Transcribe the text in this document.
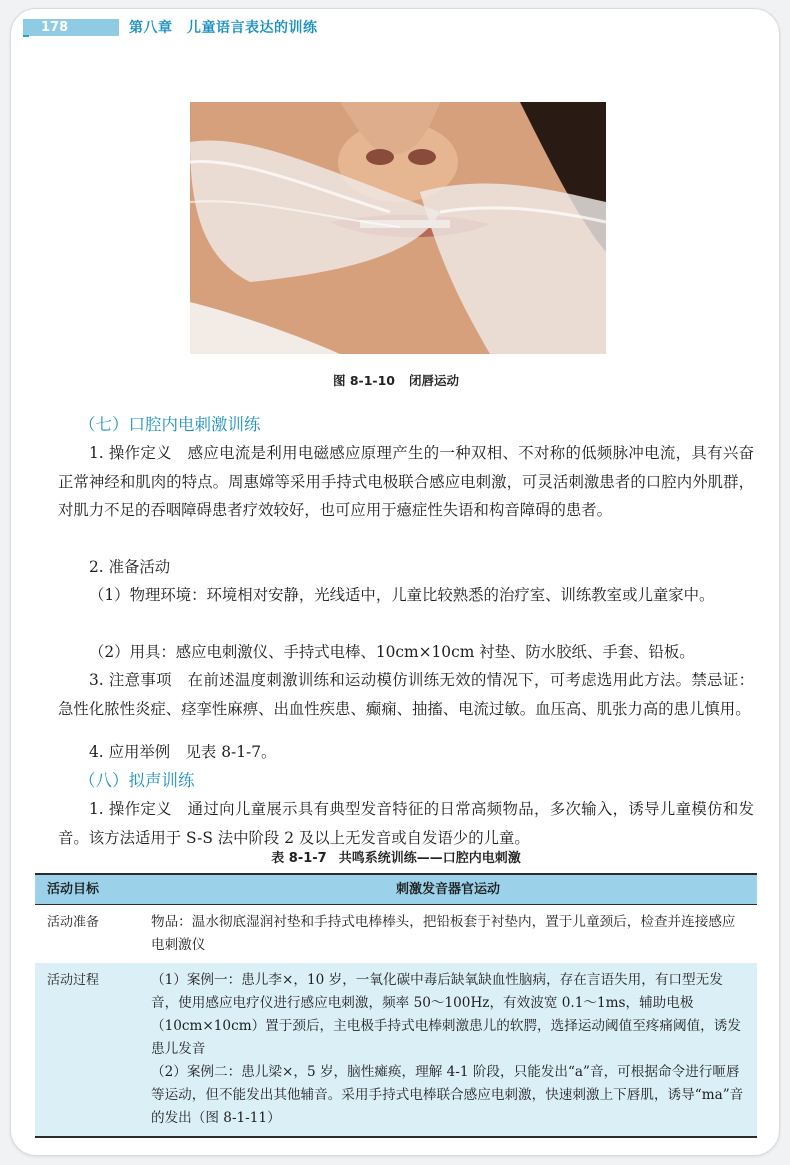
178	第八章　儿童语言表达的训练
图 8-1-10 闭唇运动
（七）口腔内电刺激训练
1. 操作定义　感应电流是利用电磁感应原理产生的一种双相、不对称的低频脉冲电流，具有兴奋正常神经和肌肉的特点。周惠嫦等采用手持式电极联合感应电刺激，可灵活刺激患者的口腔内外肌群，对肌力不足的吞咽障碍患者疗效较好，也可应用于癔症性失语和构音障碍的患者。
2. 准备活动
（1）物理环境：环境相对安静，光线适中，儿童比较熟悉的治疗室、训练教室或儿童家中。
（2）用具：感应电刺激仪、手持式电棒、10cm×10cm 衬垫、防水胶纸、手套、铅板。
3. 注意事项　在前述温度刺激训练和运动模仿训练无效的情况下，可考虑选用此方法。禁忌证：急性化脓性炎症、痉挛性麻痹、出血性疾患、癫痫、抽搐、电流过敏。血压高、肌张力高的患儿慎用。
4. 应用举例　见表 8-1-7。
（八）拟声训练
1. 操作定义　通过向儿童展示具有典型发音特征的日常高频物品，多次输入，诱导儿童模仿和发音。该方法适用于 S-S 法中阶段 2 及以上无发音或自发语少的儿童。
表 8-1-7 共鸣系统训练——口腔内电刺激
活动目标	刺激发音器官运动
活动准备	物品：温水彻底湿润衬垫和手持式电棒棒头，把铅板套于衬垫内，置于儿童颈后，检查并连接感应电刺激仪

活动过程	（1）案例一：患儿李×，10 岁，一氧化碳中毒后缺氧缺血性脑病，存在言语失用，有口型无发音，使用感应电疗仪进行感应电刺激，频率 50～100Hz，有效波宽 0.1～1ms，辅助电极（10cm×10cm）置于颈后，主电极手持式电棒刺激患儿的软腭，选择运动阈值至疼痛阈值，诱发患儿发音
（2）案例二：患儿梁×，5 岁，脑性瘫痪，理解 4-1 阶段，只能发出“a”音，可根据命令进行咂唇等运动，但不能发出其他辅音。采用手持式电棒联合感应电刺激，快速刺激上下唇肌，诱导“ma”音的发出（图 8-1-11）
